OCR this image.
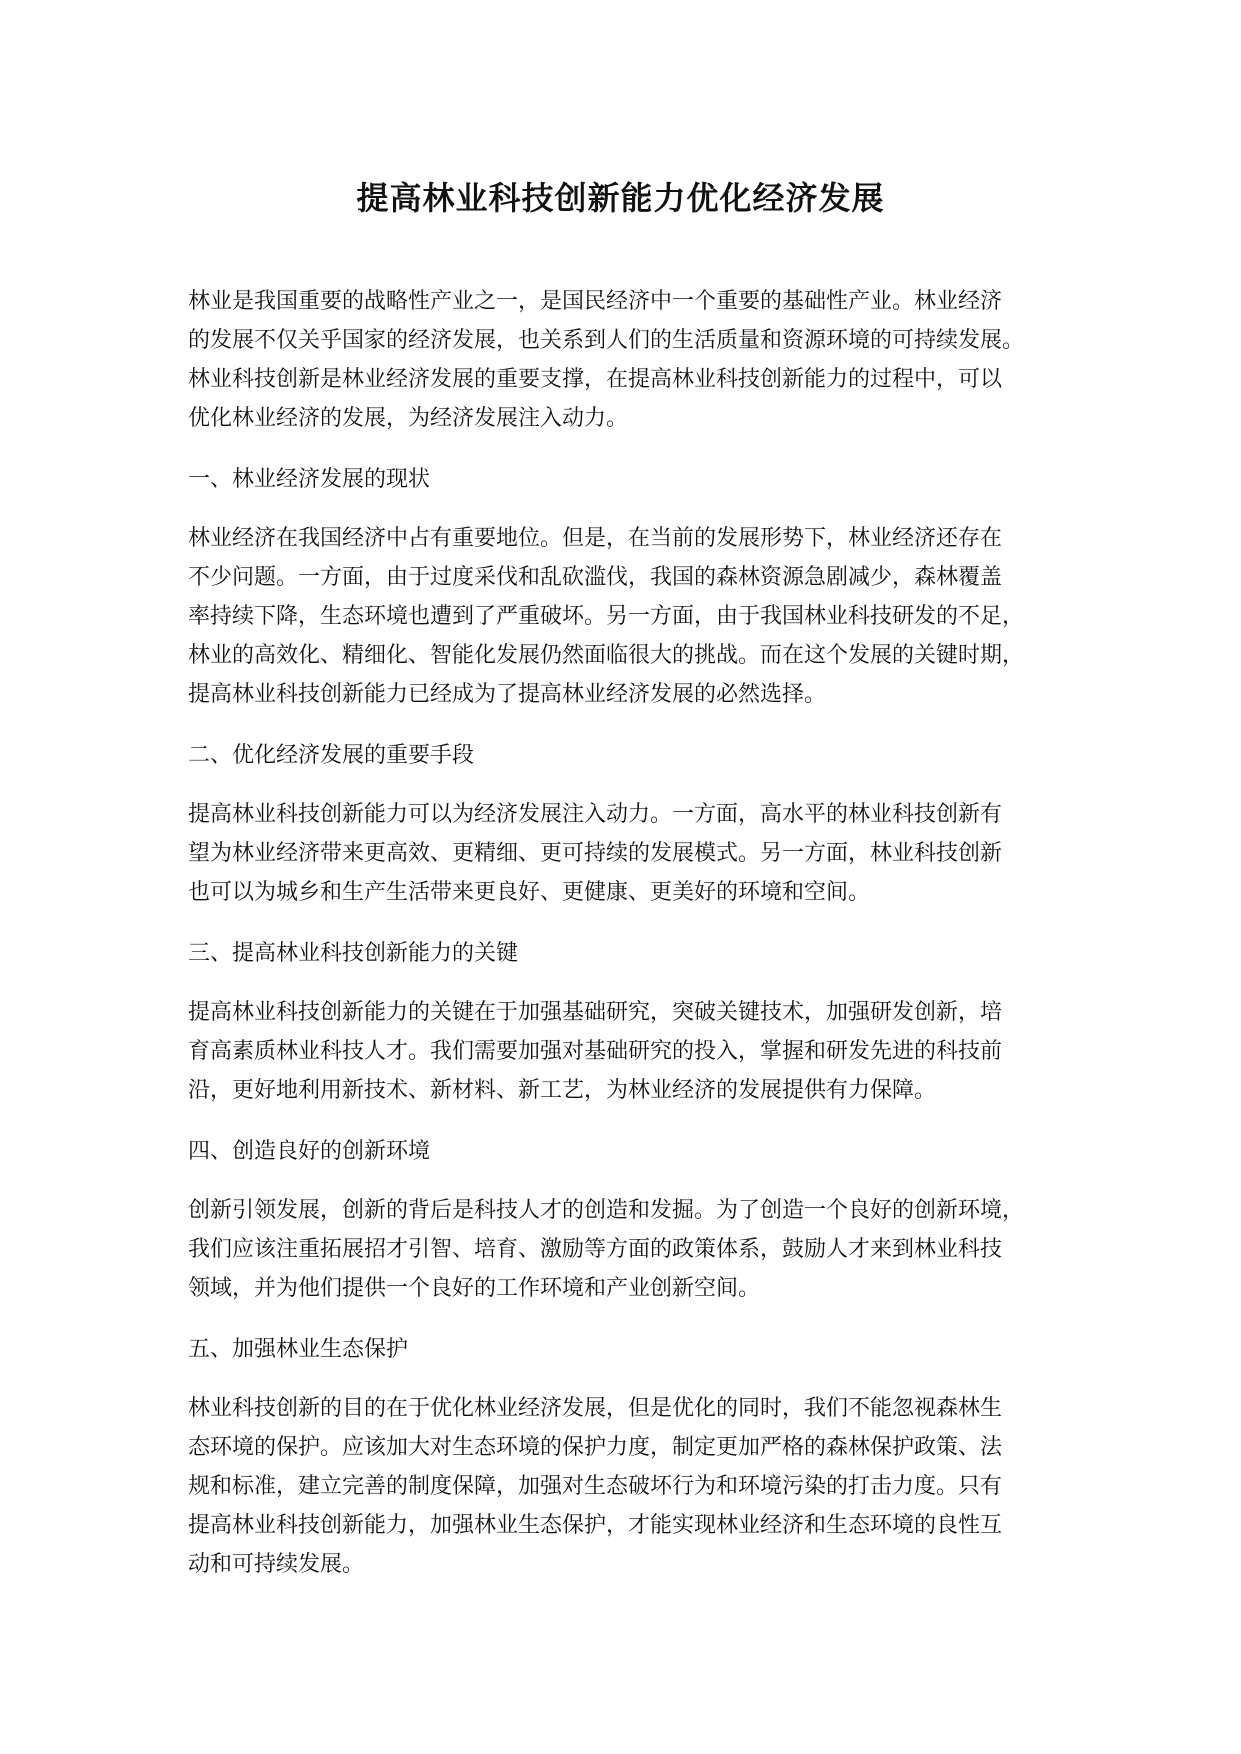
提高林业科技创新能力优化经济发展
林业是我国重要的战略性产业之一，是国民经济中一个重要的基础性产业。林业经济
的发展不仅关乎国家的经济发展，也关系到人们的生活质量和资源环境的可持续发展。
林业科技创新是林业经济发展的重要支撑，在提高林业科技创新能力的过程中，可以
优化林业经济的发展，为经济发展注入动力。
一、林业经济发展的现状
林业经济在我国经济中占有重要地位。但是，在当前的发展形势下，林业经济还存在
不少问题。一方面，由于过度采伐和乱砍滥伐，我国的森林资源急剧减少，森林覆盖
率持续下降，生态环境也遭到了严重破坏。另一方面，由于我国林业科技研发的不足，
林业的高效化、精细化、智能化发展仍然面临很大的挑战。而在这个发展的关键时期，
提高林业科技创新能力已经成为了提高林业经济发展的必然选择。
二、优化经济发展的重要手段
提高林业科技创新能力可以为经济发展注入动力。一方面，高水平的林业科技创新有
望为林业经济带来更高效、更精细、更可持续的发展模式。另一方面，林业科技创新
也可以为城乡和生产生活带来更良好、更健康、更美好的环境和空间。
三、提高林业科技创新能力的关键
提高林业科技创新能力的关键在于加强基础研究，突破关键技术，加强研发创新，培
育高素质林业科技人才。我们需要加强对基础研究的投入，掌握和研发先进的科技前
沿，更好地利用新技术、新材料、新工艺，为林业经济的发展提供有力保障。
四、创造良好的创新环境
创新引领发展，创新的背后是科技人才的创造和发掘。为了创造一个良好的创新环境，
我们应该注重拓展招才引智、培育、激励等方面的政策体系，鼓励人才来到林业科技
领域，并为他们提供一个良好的工作环境和产业创新空间。
五、加强林业生态保护
林业科技创新的目的在于优化林业经济发展，但是优化的同时，我们不能忽视森林生
态环境的保护。应该加大对生态环境的保护力度，制定更加严格的森林保护政策、法
规和标准，建立完善的制度保障，加强对生态破坏行为和环境污染的打击力度。只有
提高林业科技创新能力，加强林业生态保护，才能实现林业经济和生态环境的良性互
动和可持续发展。
